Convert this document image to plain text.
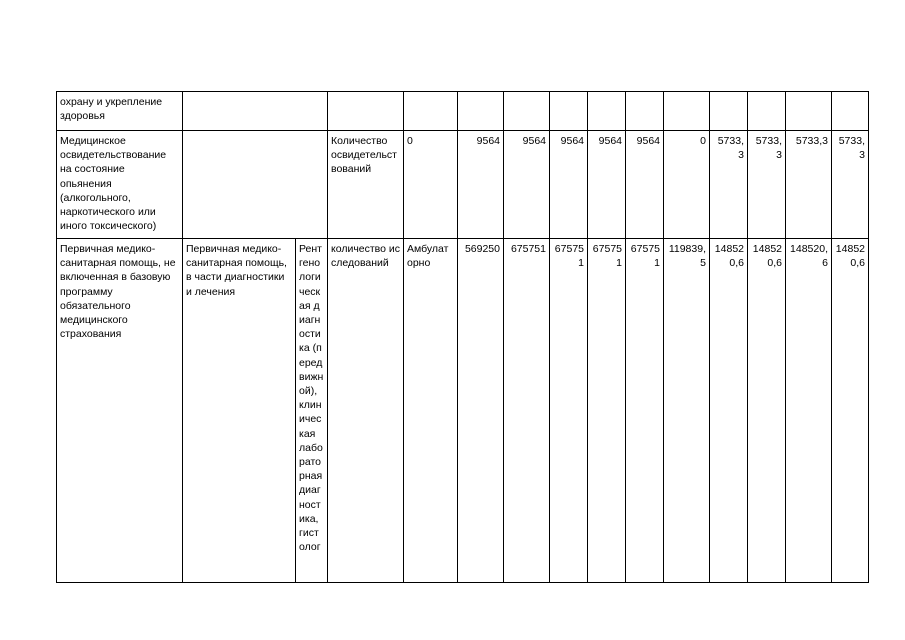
охрану и укрепление здоровья														
Медицинское освидетельствование на состояние опьянения (алкогольного, наркотического или иного токсического)			Количество освидетельствований	0	9564	9564	9564	9564	9564	0	5733,3	5733,3	5733,3	5733,3
Первичная медико-санитарная помощь, не включенная в базовую программу обязательного медицинского страхования	Первичная медико-санитарная помощь, в части диагностики и лечения	Рентгенологическая диагностика (передвижной), клиническая лабораторная диагностика, гистолог	количество исследований	Амбулаторно	569250	675751	675751	675751	675751	119839,5	148520,6	148520,6	148520,6	148520,6
